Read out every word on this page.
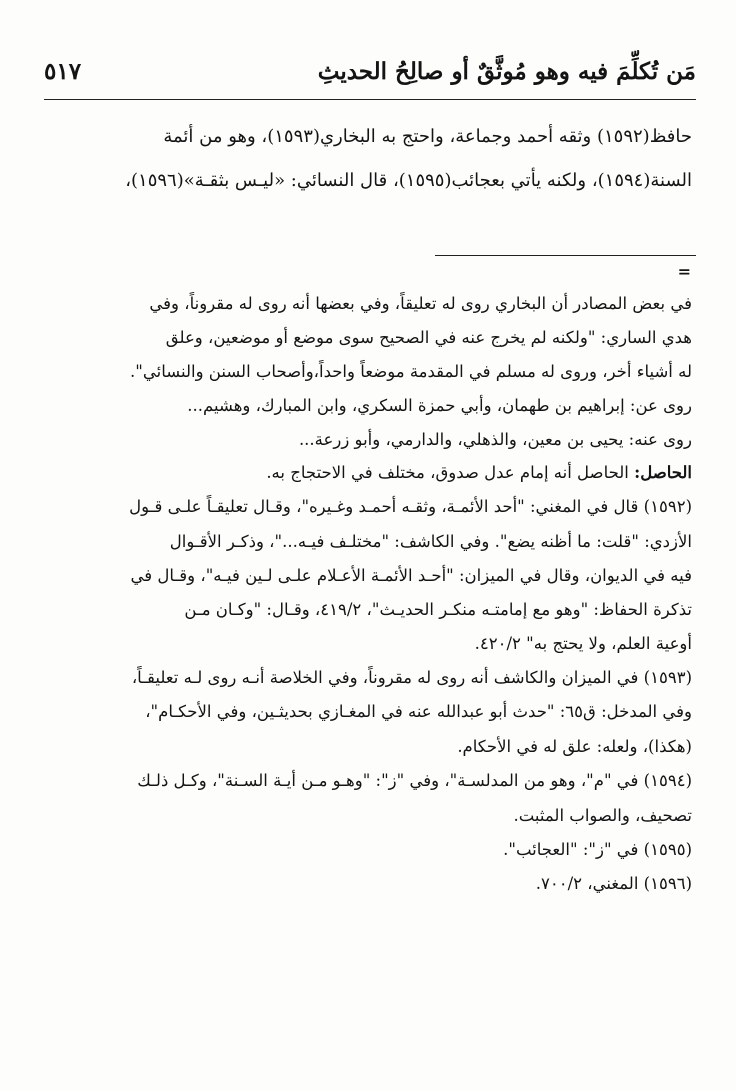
مَن تُكلِّمَ فيه وهو مُوثَّقٌ أو صالِحُ الحديثِ
٥١٧
حافظ(١٥٩٢) وثقه أحمد وجماعة، واحتج به البخاري(١٥٩٣)، وهو من أئمة
السنة(١٥٩٤)، ولكنه يأتي بعجائب(١٥٩٥)، قال النسائي: «ليـس بثقـة»(١٥٩٦)،
=
في بعض المصادر أن البخاري روى له تعليقاً، وفي بعضها أنه روى له مقروناً، وفي
هدي الساري: "ولكنه لم يخرج عنه في الصحيح سوى موضع أو موضعين، وعلق
له أشياء أخر، وروى له مسلم في المقدمة موضعاً واحداً،وأصحاب السنن والنسائي".
روى عن: إبراهيم بن طهمان، وأبي حمزة السكري، وابن المبارك، وهشيم...
روى عنه: يحيى بن معين، والذهلي، والدارمي، وأبو زرعة...
الحاصل: الحاصل أنه إمام عدل صدوق، مختلف في الاحتجاج به.
(١٥٩٢) قال في المغني: "أحد الأئمـة، وثقـه أحمـد وغـيره"، وقـال تعليقـاً علـى قـول
الأزدي: "قلت: ما أظنه يضع". وفي الكاشف: "مختلـف فيـه..."، وذكـر الأقـوال
فيه في الديوان، وقال في الميزان: "أحـد الأئمـة الأعـلام علـى لـين فيـه"، وقـال في
تذكرة الحفاظ: "وهو مع إمامتـه منكـر الحديـث"، ٤١٩/٢، وقـال: "وكـان مـن
أوعية العلم، ولا يحتج به" ٤٢٠/٢.
(١٥٩٣) في الميزان والكاشف أنه روى له مقروناً، وفي الخلاصة أنـه روى لـه تعليقـاً،
وفي المدخل: ق٦٥: "حدث أبو عبدالله عنه في المغـازي بحديثـين، وفي الأحكـام"،
(هكذا)، ولعله: علق له في الأحكام.
(١٥٩٤) في "م"، وهو من المدلسـة"، وفي "ز": "وهـو مـن أيـة السـنة"، وكـل ذلـك
تصحيف، والصواب المثبت.
(١٥٩٥) في "ز": "العجائب".
(١٥٩٦) المغني، ٧٠٠/٢.
